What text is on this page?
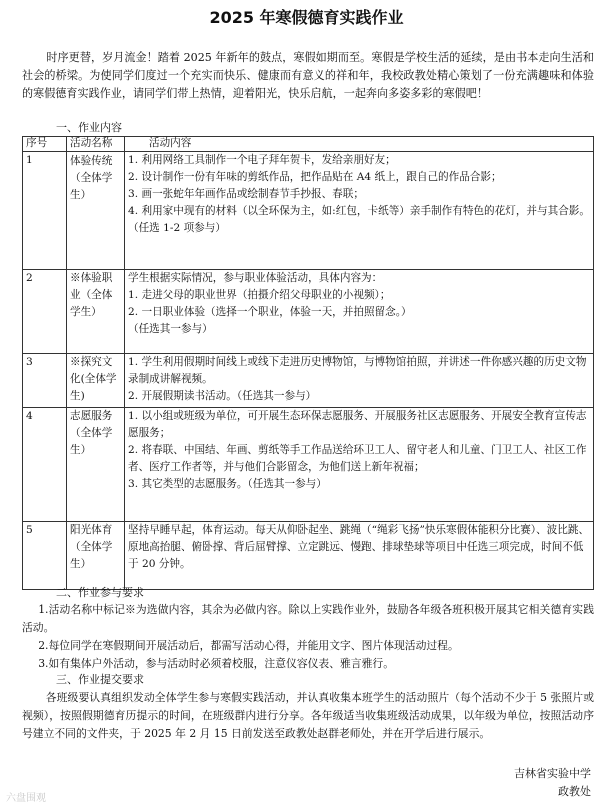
2025 年寒假德育实践作业

时序更替，岁月流金！踏着 2025 年新年的鼓点，寒假如期而至。寒假是学校生活的延续，是由书本走向生活和社会的桥梁。为使同学们度过一个充实而快乐、健康而有意义的祥和年，我校政教处精心策划了一份充满趣味和体验的寒假德育实践作业，请同学们带上热情，迎着阳光，快乐启航，一起奔向多姿多彩的寒假吧！

一、作业内容
序号	活动名称	活动内容
1	体验传统（全体学生）	1. 利用网络工具制作一个电子拜年贺卡，发给亲朋好友；
2. 设计制作一份有年味的剪纸作品，把作品贴在 A4 纸上，跟自己的作品合影；
3. 画一张蛇年年画作品或绘制春节手抄报、春联；
4. 利用家中现有的材料（以全环保为主，如:红包，卡纸等）亲手制作有特色的花灯，并与其合影。（任选 1-2 项参与）

2	※体验职业（全体学生）	学生根据实际情况，参与职业体验活动，具体内容为：
1. 走进父母的职业世界（拍摄介绍父母职业的小视频）；
2. 一日职业体验（选择一个职业，体验一天，并拍照留念。）
（任选其一参与）

3	※探究文化(全体学生)	1. 学生利用假期时间线上或线下走进历史博物馆，与博物馆拍照，并讲述一件你感兴趣的历史文物录制成讲解视频。
2. 开展假期读书活动。（任选其一参与）

4	志愿服务（全体学生）	1. 以小组或班级为单位，可开展生态环保志愿服务、开展服务社区志愿服务、开展安全教育宣传志愿服务；
2. 将春联、中国结、年画、剪纸等手工作品送给环卫工人、留守老人和儿童、门卫工人、社区工作者、医疗工作者等，并与他们合影留念，为他们送上新年祝福；
3. 其它类型的志愿服务。（任选其一参与）

5	阳光体育（全体学生）	坚持早睡早起，体育运动。每天从仰卧起坐、跳绳（“绳彩飞扬”快乐寒假体能积分比赛）、波比跳、原地高抬腿、俯卧撑、背后屈臂撑、立定跳远、慢跑、排球垫球等项目中任选三项完成，时间不低于 20 分钟。
二、作业参与要求

1.活动名称中标记※为选做内容，其余为必做内容。除以上实践作业外，鼓励各年级各班积极开展其它相关德育实践活动。

2.每位同学在寒假期间开展活动后，都需写活动心得，并能用文字、图片体现活动过程。

3.如有集体户外活动，参与活动时必须着校服，注意仪容仪表、雅言雅行。

三、作业提交要求

各班级要认真组织发动全体学生参与寒假实践活动，并认真收集本班学生的活动照片（每个活动不少于 5 张照片或视频），按照假期德育历提示的时间，在班级群内进行分享。各年级适当收集班级活动成果，以年级为单位，按照活动序号建立不同的文件夹，于 2025 年 2 月 15 日前发送至政教处赵群老师处，并在开学后进行展示。

吉林省实验中学
政教处
六盘围观
